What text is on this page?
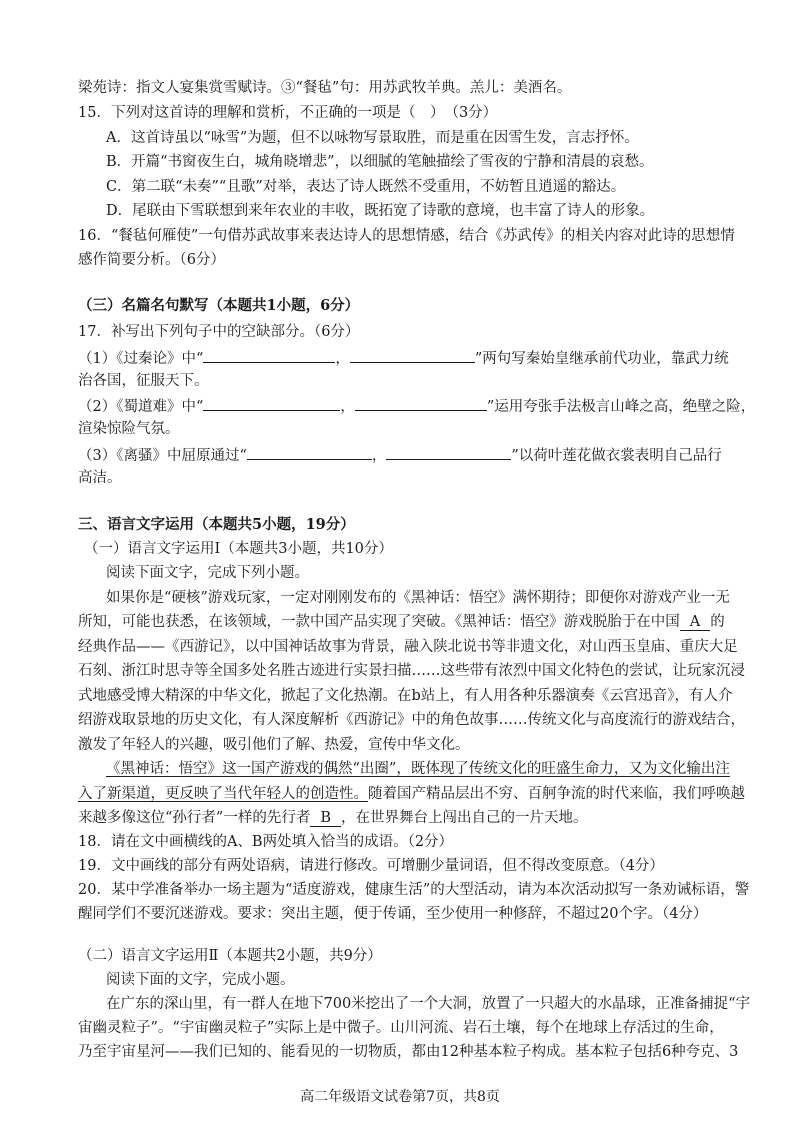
梁苑诗：指文人宴集赏雪赋诗。③“餐毡”句：用苏武牧羊典。羔儿：美酒名。
15．下列对这首诗的理解和赏析，不正确的一项是（　）　（3分）
A．这首诗虽以“咏雪”为题，但不以咏物写景取胜，而是重在因雪生发，言志抒怀。
B．开篇“书窗夜生白，城角晓增悲”，以细腻的笔触描绘了雪夜的宁静和清晨的哀愁。
C．第二联“未奏”“且歌”对举，表达了诗人既然不受重用，不妨暂且逍遥的豁达。
D．尾联由下雪联想到来年农业的丰收，既拓宽了诗歌的意境，也丰富了诗人的形象。
16．“餐毡何雁使”一句借苏武故事来表达诗人的思想情感，结合《苏武传》的相关内容对此诗的思想情
感作简要分析。（6分）
（三）名篇名句默写（本题共1小题，6分）
17．补写出下列句子中的空缺部分。（6分）
（1）《过秦论》中“	，	”两句写秦始皇继承前代功业，靠武力统
治各国，征服天下。
（2）《蜀道难》中“	，	”运用夸张手法极言山峰之高，绝壁之险，
渲染惊险气氛。
（3）《离骚》中屈原通过“	，	”以荷叶莲花做衣裳表明自己品行
高洁。
三、语言文字运用（本题共5小题，19分）
（一）语言文字运用Ⅰ（本题共3小题，共10分）
阅读下面文字，完成下列小题。
如果你是“硬核”游戏玩家，一定对刚刚发布的《黑神话：悟空》满怀期待；即便你对游戏产业一无
所知，可能也获悉，在该领域，一款中国产品实现了突破。《黑神话：悟空》游戏脱胎于在中国 A 的
经典作品——《西游记》，以中国神话故事为背景，融入陕北说书等非遗文化，对山西玉皇庙、重庆大足
石刻、浙江时思寺等全国多处名胜古迹进行实景扫描……这些带有浓烈中国文化特色的尝试，让玩家沉浸
式地感受博大精深的中华文化，掀起了文化热潮。在b站上，有人用各种乐器演奏《云宫迅音》，有人介
绍游戏取景地的历史文化，有人深度解析《西游记》中的角色故事……传统文化与高度流行的游戏结合，
激发了年轻人的兴趣，吸引他们了解、热爱，宣传中华文化。
《黑神话：悟空》这一国产游戏的偶然“出圈”，既体现了传统文化的旺盛生命力，又为文化输出注
入了新渠道，更反映了当代年轻人的创造性。随着国产精品层出不穷、百舸争流的时代来临，我们呼唤越
来越多像这位“孙行者”一样的先行者 B ，在世界舞台上闯出自己的一片天地。
18．请在文中画横线的A、B两处填入恰当的成语。（2分）
19．文中画线的部分有两处语病，请进行修改。可增删少量词语，但不得改变原意。（4分）
20．某中学准备举办一场主题为“适度游戏，健康生活”的大型活动，请为本次活动拟写一条劝诫标语，警
醒同学们不要沉迷游戏。要求：突出主题，便于传诵，至少使用一种修辞，不超过20个字。（4分）
（二）语言文字运用Ⅱ（本题共2小题，共9分）
阅读下面的文字，完成小题。
在广东的深山里，有一群人在地下700米挖出了一个大洞，放置了一只超大的水晶球，正准备捕捉“宇
宙幽灵粒子”。“宇宙幽灵粒子”实际上是中微子。山川河流、岩石土壤，每个在地球上存活过的生命，
乃至宇宙星河——我们已知的、能看见的一切物质，都由12种基本粒子构成。基本粒子包括6种夸克、3
高二年级语文试卷第7页，共8页
